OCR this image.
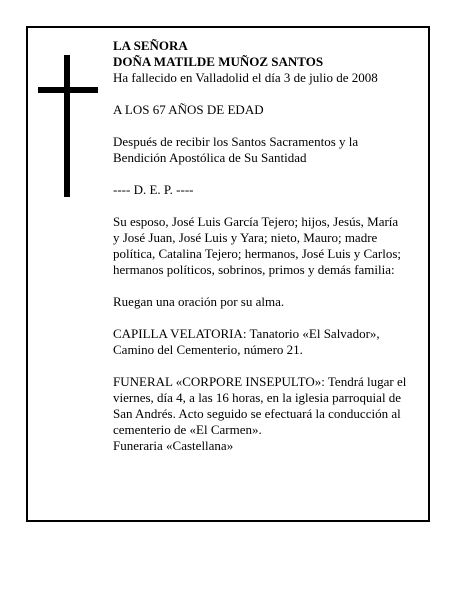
LA SEÑORA

DOÑA MATILDE MUÑOZ SANTOS

Ha fallecido en Valladolid el día 3 de julio de 2008

A LOS 67 AÑOS DE EDAD

Después de recibir los Santos Sacramentos y la

Bendición Apostólica de Su Santidad

---- D. E. P. ----

Su esposo, José Luis García Tejero; hijos, Jesús, María

y José Juan, José Luis y Yara; nieto, Mauro; madre

política, Catalina Tejero; hermanos, José Luis y Carlos;

hermanos políticos, sobrinos, primos y demás familia:

Ruegan una oración por su alma.

CAPILLA VELATORIA: Tanatorio «El Salvador»,

Camino del Cementerio, número 21.

FUNERAL «CORPORE INSEPULTO»: Tendrá lugar el

viernes, día 4, a las 16 horas, en la iglesia parroquial de

San Andrés. Acto seguido se efectuará la conducción al

cementerio de «El Carmen».

Funeraria «Castellana»
